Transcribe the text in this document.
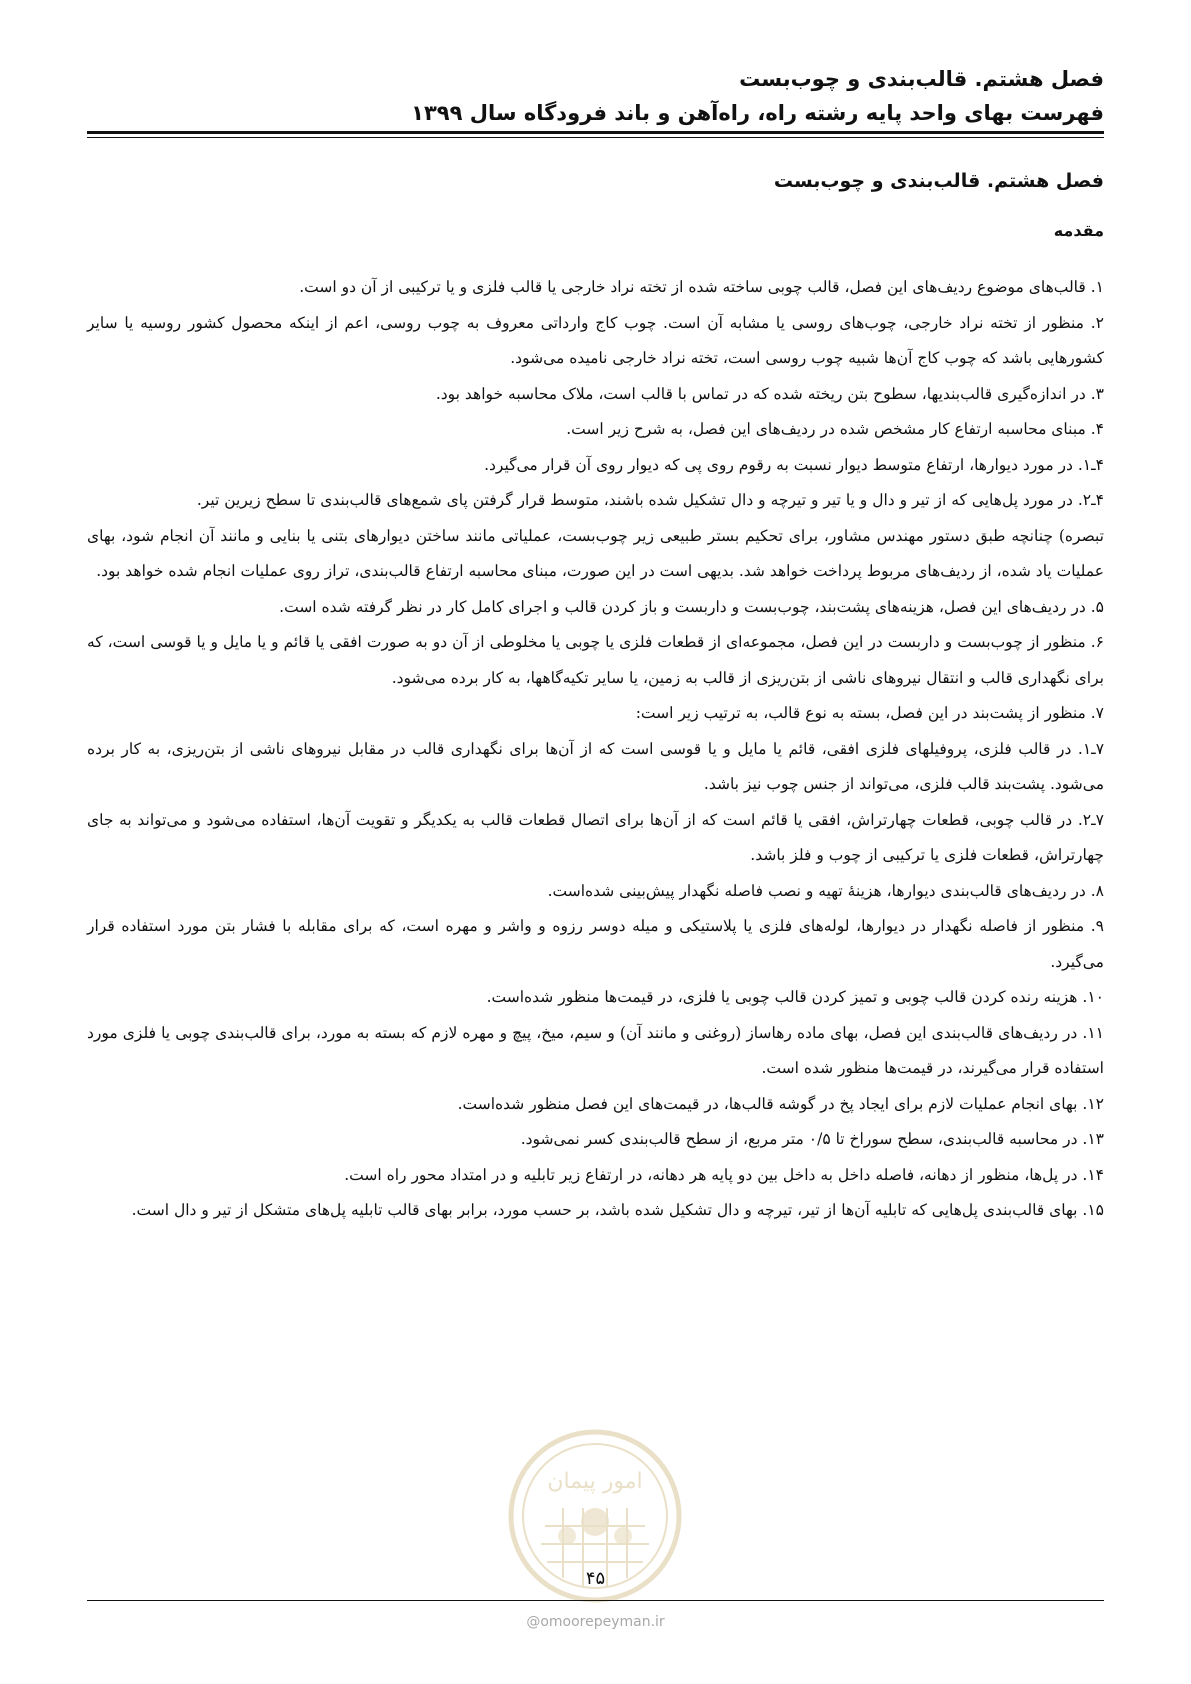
فصل هشتم. قالب‌بندی و چوب‌بست
فهرست بهای واحد پایه رشته راه، راه‌آهن و باند فرودگاه سال ۱۳۹۹
فصل هشتم. قالب‌بندی و چوب‌بست
مقدمه

۱. قالب‌های موضوع ردیف‌های این فصل، قالب چوبی ساخته شده از تخته نراد خارجی یا قالب فلزی و یا ترکیبی از آن دو است.

۲. منظور از تخته نراد خارجی، چوب‌های روسی یا مشابه آن است. چوب کاج وارداتی معروف به چوب روسی، اعم از اینکه محصول کشور روسیه یا سایر کشورهایی باشد که چوب کاج آن‌ها شبیه چوب روسی است، تخته نراد خارجی نامیده می‌شود.

۳. در اندازه‌گیری قالب‌بندیها، سطوح بتن ریخته شده که در تماس با قالب است، ملاک محاسبه خواهد بود.

۴. مبنای محاسبه ارتفاع کار مشخص شده در ردیف‌های این فصل، به شرح زیر است.

۴ـ۱. در مورد دیوارها، ارتفاع متوسط دیوار نسبت به رقوم روی پی که دیوار روی آن قرار می‌گیرد.

۴ـ۲. در مورد پل‌هایی که از تیر و دال و یا تیر و تیرچه و دال تشکیل شده باشند، متوسط قرار گرفتن پای شمع‌های قالب‌بندی تا سطح زیرین تیر.

تبصره) چنانچه طبق دستور مهندس مشاور، برای تحکیم بستر طبیعی زیر چوب‌بست، عملیاتی مانند ساختن دیوارهای بتنی یا بنایی و مانند آن انجام شود، بهای عملیات یاد شده، از ردیف‌های مربوط پرداخت خواهد شد. بدیهی است در این صورت، مبنای محاسبه ارتفاع قالب‌بندی، تراز روی عملیات انجام شده خواهد بود.

۵. در ردیف‌های این فصل، هزینه‌های پشت‌بند، چوب‌بست و داربست و باز کردن قالب و اجرای کامل کار در نظر گرفته شده است.

۶. منظور از چوب‌بست و داربست در این فصل، مجموعه‌ای از قطعات فلزی یا چوبی یا مخلوطی از آن دو به صورت افقی یا قائم و یا مایل و یا قوسی است، که برای نگهداری قالب و انتقال نیروهای ناشی از بتن‌ریزی از قالب به زمین، یا سایر تکیه‌گاهها، به کار برده می‌شود.

۷. منظور از پشت‌بند در این فصل، بسته به نوع قالب، به ترتیب زیر است:

۷ـ۱. در قالب فلزی، پروفیلهای فلزی افقی، قائم یا مایل و یا قوسی است که از آن‌ها برای نگهداری قالب در مقابل نیروهای ناشی از بتن‌ریزی، به کار برده می‌شود. پشت‌بند قالب فلزی، می‌تواند از جنس چوب نیز باشد.

۷ـ۲. در قالب چوبی، قطعات چهارتراش، افقی یا قائم است که از آن‌ها برای اتصال قطعات قالب به یکدیگر و تقویت آن‌ها، استفاده می‌شود و می‌تواند به جای چهارتراش، قطعات فلزی یا ترکیبی از چوب و فلز باشد.

۸. در ردیف‌های قالب‌بندی دیوارها، هزینهٔ تهیه و نصب فاصله نگهدار پیش‌بینی شده‌است.

۹. منظور از فاصله نگهدار در دیوارها، لوله‌های فلزی یا پلاستیکی و میله دوسر رزوه و واشر و مهره است، که برای مقابله با فشار بتن مورد استفاده قرار می‌گیرد.

۱۰. هزینه رنده کردن قالب چوبی و تمیز کردن قالب چوبی یا فلزی، در قیمت‌ها منظور شده‌است.

۱۱. در ردیف‌های قالب‌بندی این فصل، بهای ماده رهاساز (روغنی و مانند آن) و سیم، میخ، پیچ و مهره لازم که بسته به مورد، برای قالب‌بندی چوبی یا فلزی مورد استفاده قرار می‌گیرند، در قیمت‌ها منظور شده است.

۱۲. بهای انجام عملیات لازم برای ایجاد پخ در گوشه قالب‌ها، در قیمت‌های این فصل منظور شده‌است.

۱۳. در محاسبه قالب‌بندی، سطح سوراخ تا ۰/۵ متر مربع، از سطح قالب‌بندی کسر نمی‌شود.

۱۴. در پل‌ها، منظور از دهانه، فاصله داخل به داخل بین دو پایه هر دهانه، در ارتفاع زیر تابلیه و در امتداد محور راه است.

۱۵. بهای قالب‌بندی پل‌هایی که تابلیه آن‌ها از تیر، تیرچه و دال تشکیل شده باشد، بر حسب مورد، برابر بهای قالب تابلیه پل‌های متشکل از تیر و دال است.

امور پیمان
۴۵
@omoorepeyman.ir
